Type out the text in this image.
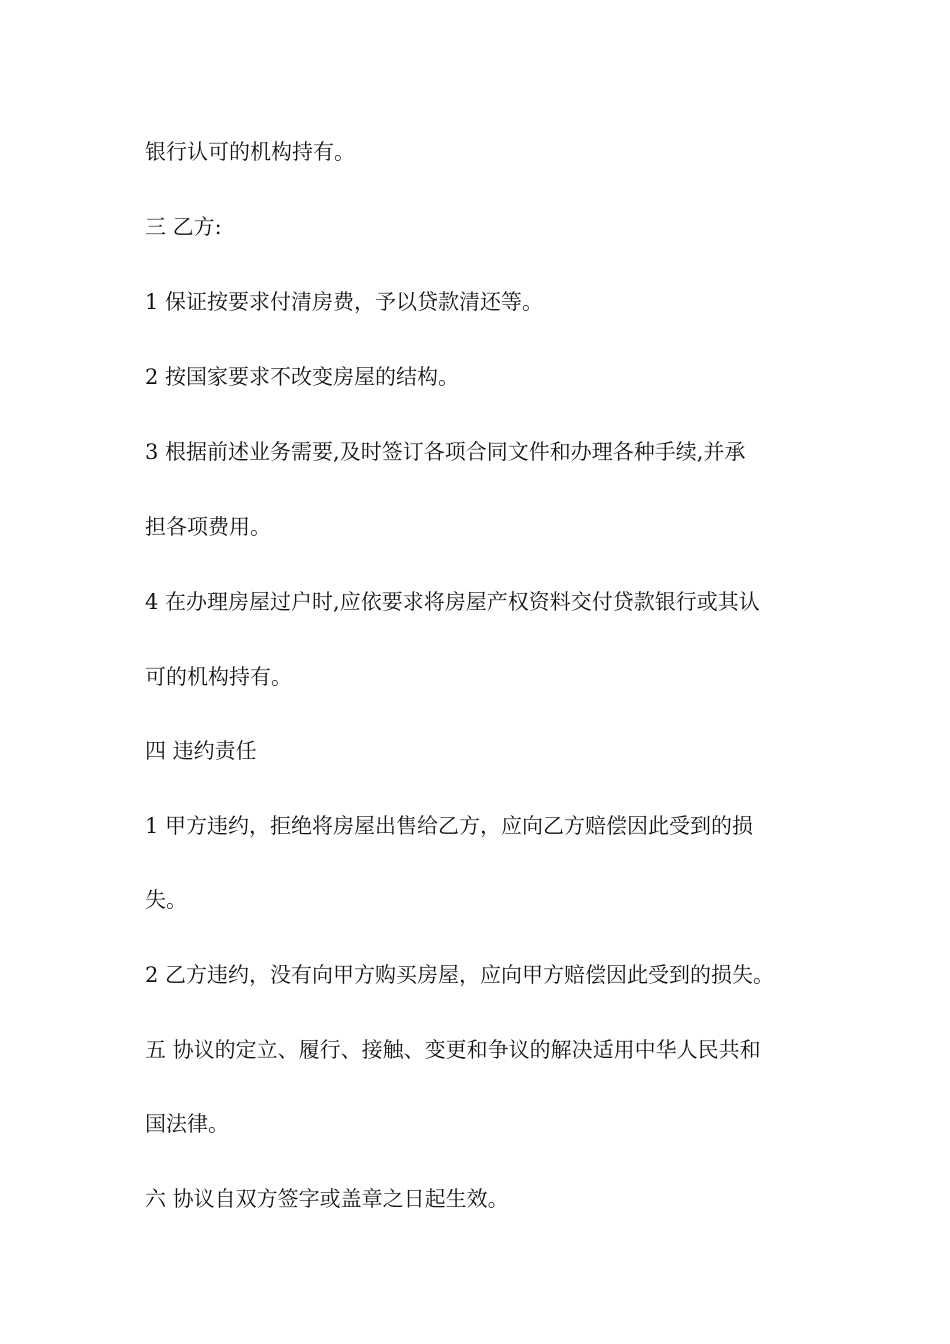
银行认可的机构持有。

三 乙方:

1 保证按要求付清房费，予以贷款清还等。

2 按国家要求不改变房屋的结构。

3 根据前述业务需要,及时签订各项合同文件和办理各种手续,并承

担各项费用。

4 在办理房屋过户时,应依要求将房屋产权资料交付贷款银行或其认

可的机构持有。

四 违约责任

1 甲方违约，拒绝将房屋出售给乙方，应向乙方赔偿因此受到的损

失。

2 乙方违约，没有向甲方购买房屋，应向甲方赔偿因此受到的损失。

五 协议的定立、履行、接触、变更和争议的解决适用中华人民共和

国法律。

六 协议自双方签字或盖章之日起生效。
